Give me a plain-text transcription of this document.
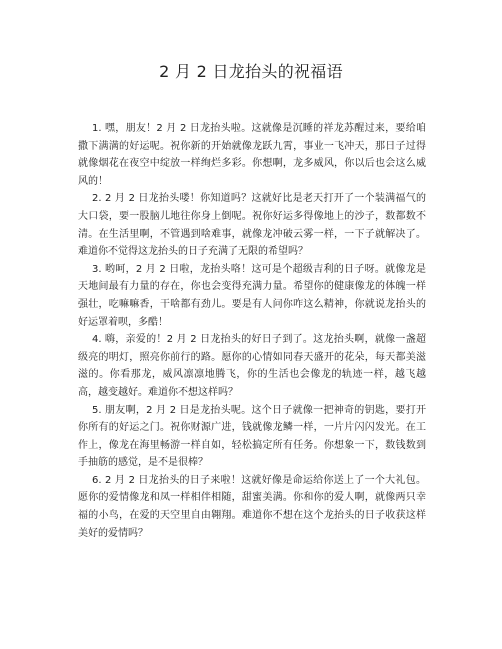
2 月 2 日龙抬头的祝福语

1. 嘿，朋友！2 月 2 日龙抬头啦。这就像是沉睡的祥龙苏醒过来，要给咱撒下满满的好运呢。祝你新的开始就像龙跃九霄，事业一飞冲天，那日子过得就像烟花在夜空中绽放一样绚烂多彩。你想啊，龙多威风，你以后也会这么威风的！

2. 2 月 2 日龙抬头喽！你知道吗？这就好比是老天打开了一个装满福气的大口袋，要一股脑儿地往你身上倒呢。祝你好运多得像地上的沙子，数都数不清。在生活里啊，不管遇到啥难事，就像龙冲破云雾一样，一下子就解决了。难道你不觉得这龙抬头的日子充满了无限的希望吗？

3. 哟呵，2 月 2 日啦，龙抬头咯！这可是个超级吉利的日子呀。就像龙是天地间最有力量的存在，你也会变得充满力量。希望你的健康像龙的体魄一样强壮，吃嘛嘛香，干啥都有劲儿。要是有人问你咋这么精神，你就说龙抬头的好运罩着呗，多酷！

4. 嗨，亲爱的！2 月 2 日龙抬头的好日子到了。这龙抬头啊，就像一盏超级亮的明灯，照亮你前行的路。愿你的心情如同春天盛开的花朵，每天都美滋滋的。你看那龙，威风凛凛地腾飞，你的生活也会像龙的轨迹一样，越飞越高，越变越好。难道你不想这样吗？

5. 朋友啊，2 月 2 日是龙抬头呢。这个日子就像一把神奇的钥匙，要打开你所有的好运之门。祝你财源广进，钱就像龙鳞一样，一片片闪闪发光。在工作上，像龙在海里畅游一样自如，轻松搞定所有任务。你想象一下，数钱数到手抽筋的感觉，是不是很棒？

6. 2 月 2 日龙抬头的日子来啦！这就好像是命运给你送上了一个大礼包。愿你的爱情像龙和凤一样相伴相随，甜蜜美满。你和你的爱人啊，就像两只幸福的小鸟，在爱的天空里自由翱翔。难道你不想在这个龙抬头的日子收获这样美好的爱情吗？
